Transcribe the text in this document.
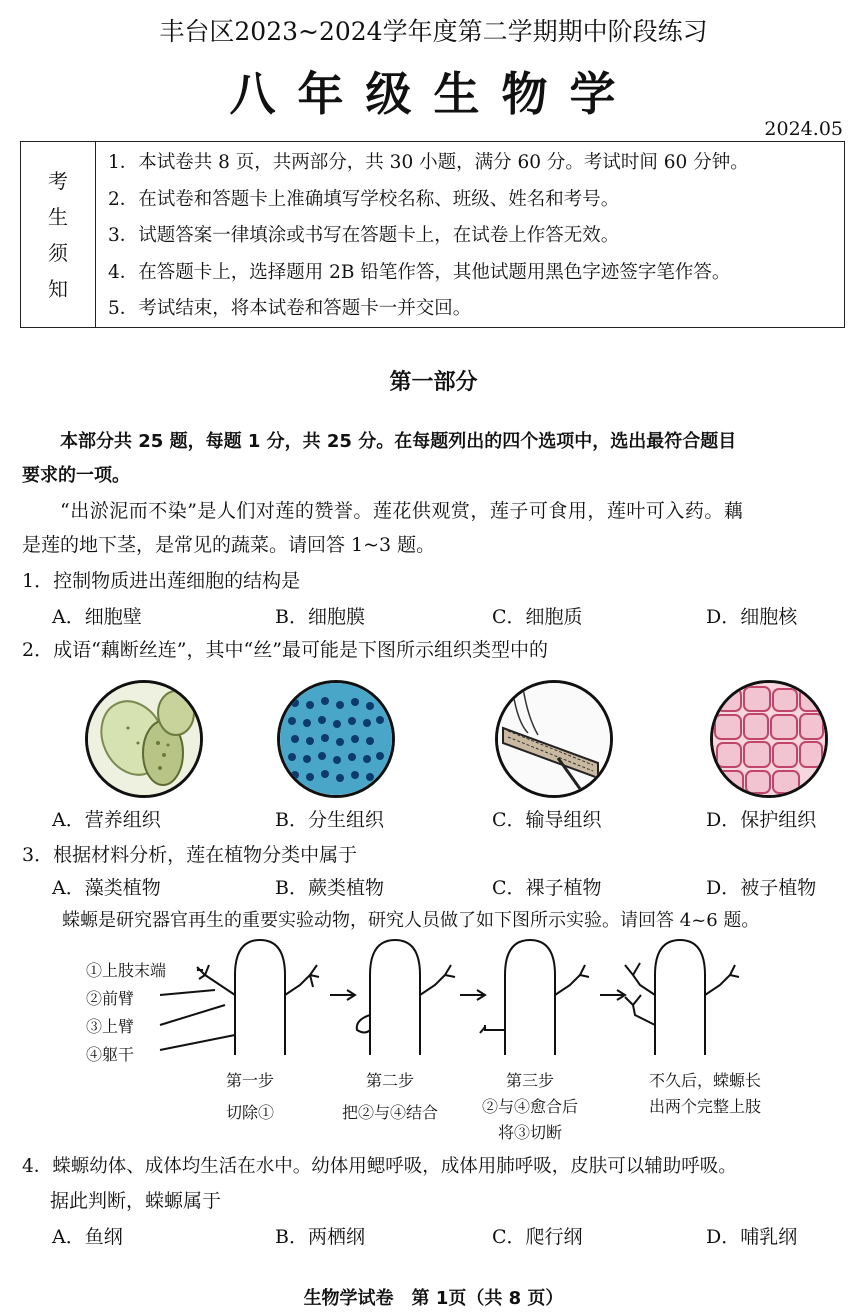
丰台区2023~2024学年度第二学期期中阶段练习
八年级生物学
2024.05
考
生
须
知
1．本试卷共 8 页，共两部分，共 30 小题，满分 60 分。考试时间 60 分钟。
2．在试卷和答题卡上准确填写学校名称、班级、姓名和考号。
3．试题答案一律填涂或书写在答题卡上，在试卷上作答无效。
4．在答题卡上，选择题用 2B 铅笔作答，其他试题用黑色字迹签字笔作答。
5．考试结束，将本试卷和答题卡一并交回。
第一部分
本部分共 25 题，每题 1 分，共 25 分。在每题列出的四个选项中，选出最符合题目
要求的一项。
“出淤泥而不染”是人们对莲的赞誉。莲花供观赏，莲子可食用，莲叶可入药。藕
是莲的地下茎，是常见的蔬菜。请回答 1~3 题。
1．控制物质进出莲细胞的结构是
A．细胞壁	B．细胞膜	C．细胞质	D．细胞核
2．成语“藕断丝连”，其中“丝”最可能是下图所示组织类型中的
A．营养组织	B．分生组织	C．输导组织	D．保护组织
3．根据材料分析，莲在植物分类中属于
A．藻类植物	B．蕨类植物	C．裸子植物	D．被子植物
蝾螈是研究器官再生的重要实验动物，研究人员做了如下图所示实验。请回答 4~6 题。
①上肢末端
②前臂
③上臂
④躯干
第一步
切除①
第二步
把②与④结合
第三步
②与④愈合后
将③切断
不久后，蝾螈长
出两个完整上肢
4．蝾螈幼体、成体均生活在水中。幼体用鳃呼吸，成体用肺呼吸，皮肤可以辅助呼吸。
据此判断，蝾螈属于
A．鱼纲	B．两栖纲	C．爬行纲	D．哺乳纲
生物学试卷　第 1页（共 8 页）
